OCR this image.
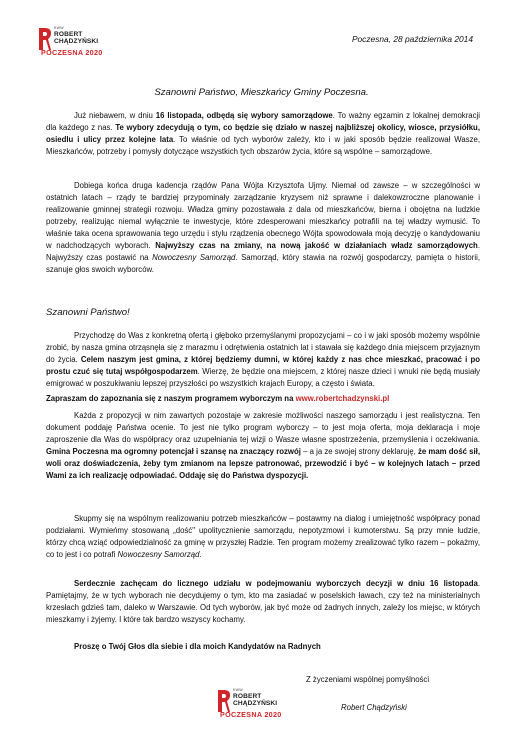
KWW
ROBERT
CHĄDZYŃSKI
POCZESNA 2020
Poczesna, 28 października 2014
Szanowni Państwo, Mieszkańcy Gminy Poczesna.

Już niebawem, w dniu 16 listopada, odbędą się wybory samorządowe. To ważny egzamin z lokalnej demokracji dla każdego z nas. Te wybory zdecydują o tym, co będzie się działo w naszej najbliższej okolicy, wiosce, przysiółku, osiedlu i ulicy przez kolejne lata. To właśnie od tych wyborów zależy, kto i w jaki sposób będzie realizował Wasze, Mieszkańców, potrzeby i pomysły dotyczące wszystkich tych obszarów życia, które są wspólne – samorządowe.

Dobiega końca druga kadencja rządów Pana Wójta Krzysztofa Ujmy. Niemał od zawsze – w szczególności w ostatnich latach – rządy te bardziej przypominały zarządzanie kryzysem niż sprawne i dalekowzroczne planowanie i realizowanie gminnej strategii rozwoju. Władza gminy pozostawała z dala od mieszkańców, bierna i obojętna na ludzkie potrzeby, realizując niemal wyłącznie te inwestycje, które zdesperowani mieszkańcy potrafili na tej władzy wymusić. To właśnie taka ocena sprawowania tego urzędu i stylu rządzenia obecnego Wójta spowodowała moją decyzję o kandydowaniu w nadchodzących wyborach. Najwyższy czas na zmiany, na nową jakość w działaniach władz samorządowych. Najwyższy czas postawić na Nowoczesny Samorząd. Samorząd, który stawia na rozwój gospodarczy, pamięta o historii, szanuje głos swoich wyborców.

Szanowni Państwo!

Przychodzę do Was z konkretną ofertą i głęboko przemyślanymi propozycjami – co i w jaki sposób możemy wspólnie zrobić, by nasza gmina otrząsnęła się z marazmu i odrętwienia ostatnich lat i stawała się każdego dnia miejscem przyjaznym do życia. Celem naszym jest gmina, z której będziemy dumni, w której każdy z nas chce mieszkać, pracować i po prostu czuć się tutaj współgospodarzem. Wierzę, że będzie ona miejscem, z której nasze dzieci i wnuki nie będą musiały emigrować w poszukiwaniu lepszej przyszłości po wszystkich krajach Europy, a często i świata.

Zapraszam do zapoznania się z naszym programem wyborczym na www.robertchadzynski.pl

Każda z propozycji w nim zawartych pozostaje w zakresie możliwości naszego samorządu i jest realistyczna. Ten dokument poddaję Państwa ocenie. To jest nie tylko program wyborczy – to jest moja oferta, moja deklaracja i moje zaproszenie dla Was do współpracy oraz uzupełniania tej wizji o Wasze własne spostrzeżenia, przemyślenia i oczekiwania. Gmina Poczesna ma ogromny potencjał i szansę na znaczący rozwój – a ja ze swojej strony deklaruję, że mam dość sił, woli oraz doświadczenia, żeby tym zmianom na lepsze patronować, przewodzić i być – w kolejnych latach – przed Wami za ich realizację odpowiadać. Oddaję się do Państwa dyspozycji.

Skupmy się na wspólnym realizowaniu potrzeb mieszkańców – postawmy na dialog i umiejętność współpracy ponad podziałami. Wymieńmy stosowaną „dość" upolitycznienie samorządu, nepotyzmowi i kumoterstwu. Są przy mnie ludzie, którzy chcą wziąć odpowiedzialność za gminę w przyszłej Radzie. Ten program możemy zrealizować tylko razem – pokażmy, co to jest i co potrafi Nowoczesny Samorząd.

Serdecznie zachęcam do licznego udziału w podejmowaniu wyborczych decyzji w dniu 16 listopada. Pamiętajmy, że w tych wyborach nie decydujemy o tym, kto ma zasiadać w poselskich ławach, czy też na ministerialnych krzesłach gdzieś tam, daleko w Warszawie. Od tych wyborów, jak być może od żadnych innych, zależy los miejsc, w których mieszkamy i żyjemy. I które tak bardzo wszyscy kochamy.

Proszę o Twój Głos dla siebie i dla moich Kandydatów na Radnych

Z życzeniami wspólnej pomyślności
KWW
ROBERT
CHĄDZYŃSKI
POCZESNA 2020
Robert Chądzyński
